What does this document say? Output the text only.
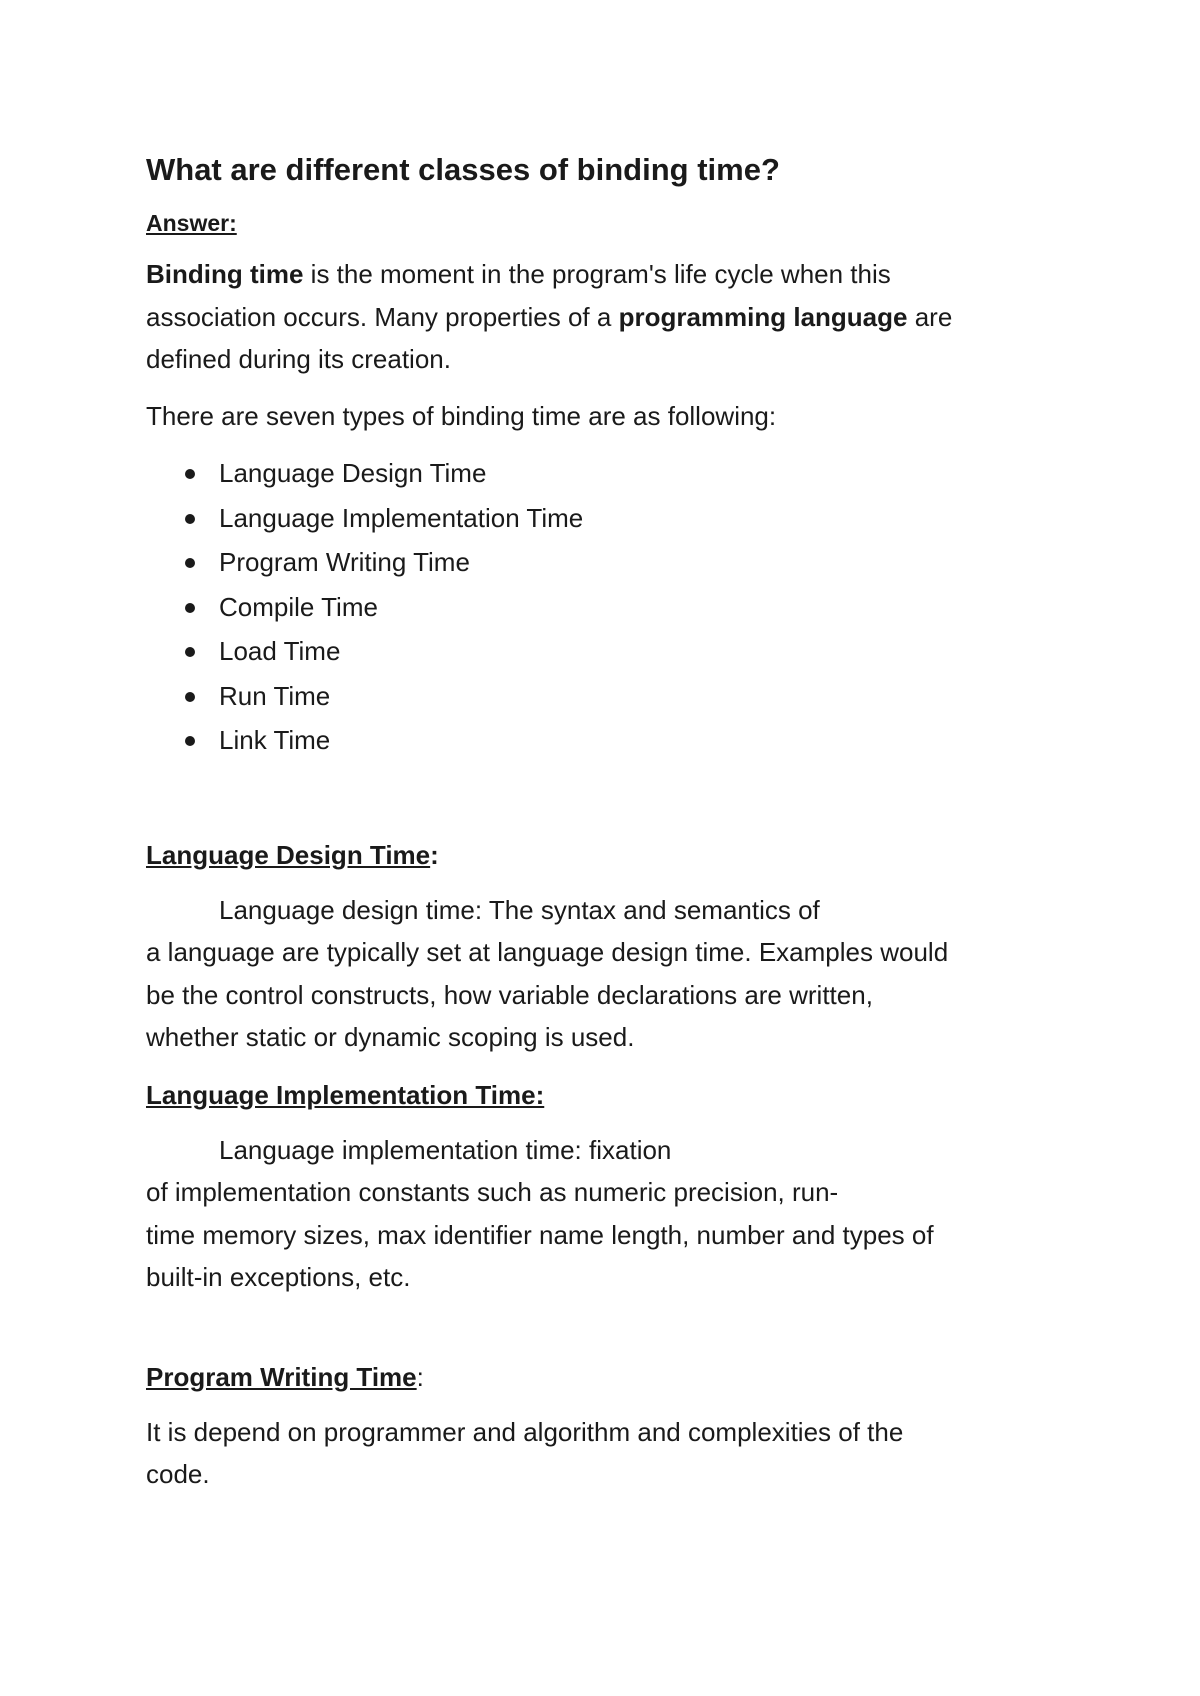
What are different classes of binding time?
Answer:
Binding time is the moment in the program's life cycle when this
association occurs. Many properties of a programming language are
defined during its creation.
There are seven types of binding time are as following:
Language Design Time
Language Implementation Time
Program Writing Time
Compile Time
Load Time
Run Time
Link Time
Language Design Time:
Language design time: The syntax and semantics of
a language are typically set at language design time. Examples would
be the control constructs, how variable declarations are written,
whether static or dynamic scoping is used.
Language Implementation Time:
Language implementation time: fixation
of implementation constants such as numeric precision, run-
time memory sizes, max identifier name length, number and types of
built-in exceptions, etc.
Program Writing Time:
It is depend on programmer and algorithm and complexities of the
code.
